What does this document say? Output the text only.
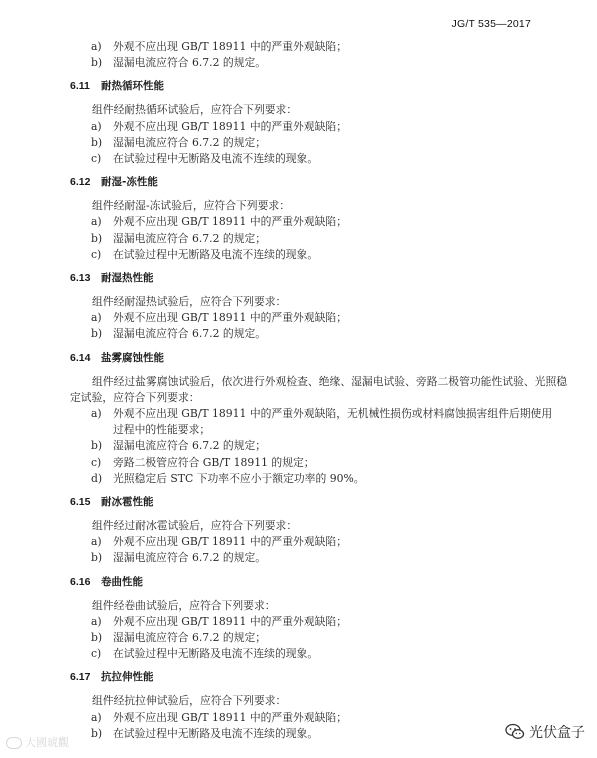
JG/T 535—2017
a) 外观不应出现 GB/T 18911 中的严重外观缺陷；
b) 湿漏电流应符合 6.7.2 的规定。
6.11 耐热循环性能
组件经耐热循环试验后，应符合下列要求：
a) 外观不应出现 GB/T 18911 中的严重外观缺陷；
b) 湿漏电流应符合 6.7.2 的规定；
c) 在试验过程中无断路及电流不连续的现象。
6.12 耐湿-冻性能
组件经耐湿-冻试验后，应符合下列要求：
a) 外观不应出现 GB/T 18911 中的严重外观缺陷；
b) 湿漏电流应符合 6.7.2 的规定；
c) 在试验过程中无断路及电流不连续的现象。
6.13 耐湿热性能
组件经耐湿热试验后，应符合下列要求：
a) 外观不应出现 GB/T 18911 中的严重外观缺陷；
b) 湿漏电流应符合 6.7.2 的规定。
6.14 盐雾腐蚀性能
组件经过盐雾腐蚀试验后，依次进行外观检查、绝缘、湿漏电试验、旁路二极管功能性试验、光照稳
定试验，应符合下列要求：
a) 外观不应出现 GB/T 18911 中的严重外观缺陷，无机械性损伤或材料腐蚀损害组件后期使用
过程中的性能要求；
b) 湿漏电流应符合 6.7.2 的规定；
c) 旁路二极管应符合 GB/T 18911 的规定；
d) 光照稳定后 STC 下功率不应小于额定功率的 90%。
6.15 耐冰雹性能
组件经过耐冰雹试验后，应符合下列要求：
a) 外观不应出现 GB/T 18911 中的严重外观缺陷；
b) 湿漏电流应符合 6.7.2 的规定。
6.16 卷曲性能
组件经卷曲试验后，应符合下列要求：
a) 外观不应出现 GB/T 18911 中的严重外观缺陷；
b) 湿漏电流应符合 6.7.2 的规定；
c) 在试验过程中无断路及电流不连续的现象。
6.17 抗拉伸性能
组件经抗拉伸试验后，应符合下列要求：
a) 外观不应出现 GB/T 18911 中的严重外观缺陷；
b) 在试验过程中无断路及电流不连续的现象。
大國琥觀
光伏盒子
